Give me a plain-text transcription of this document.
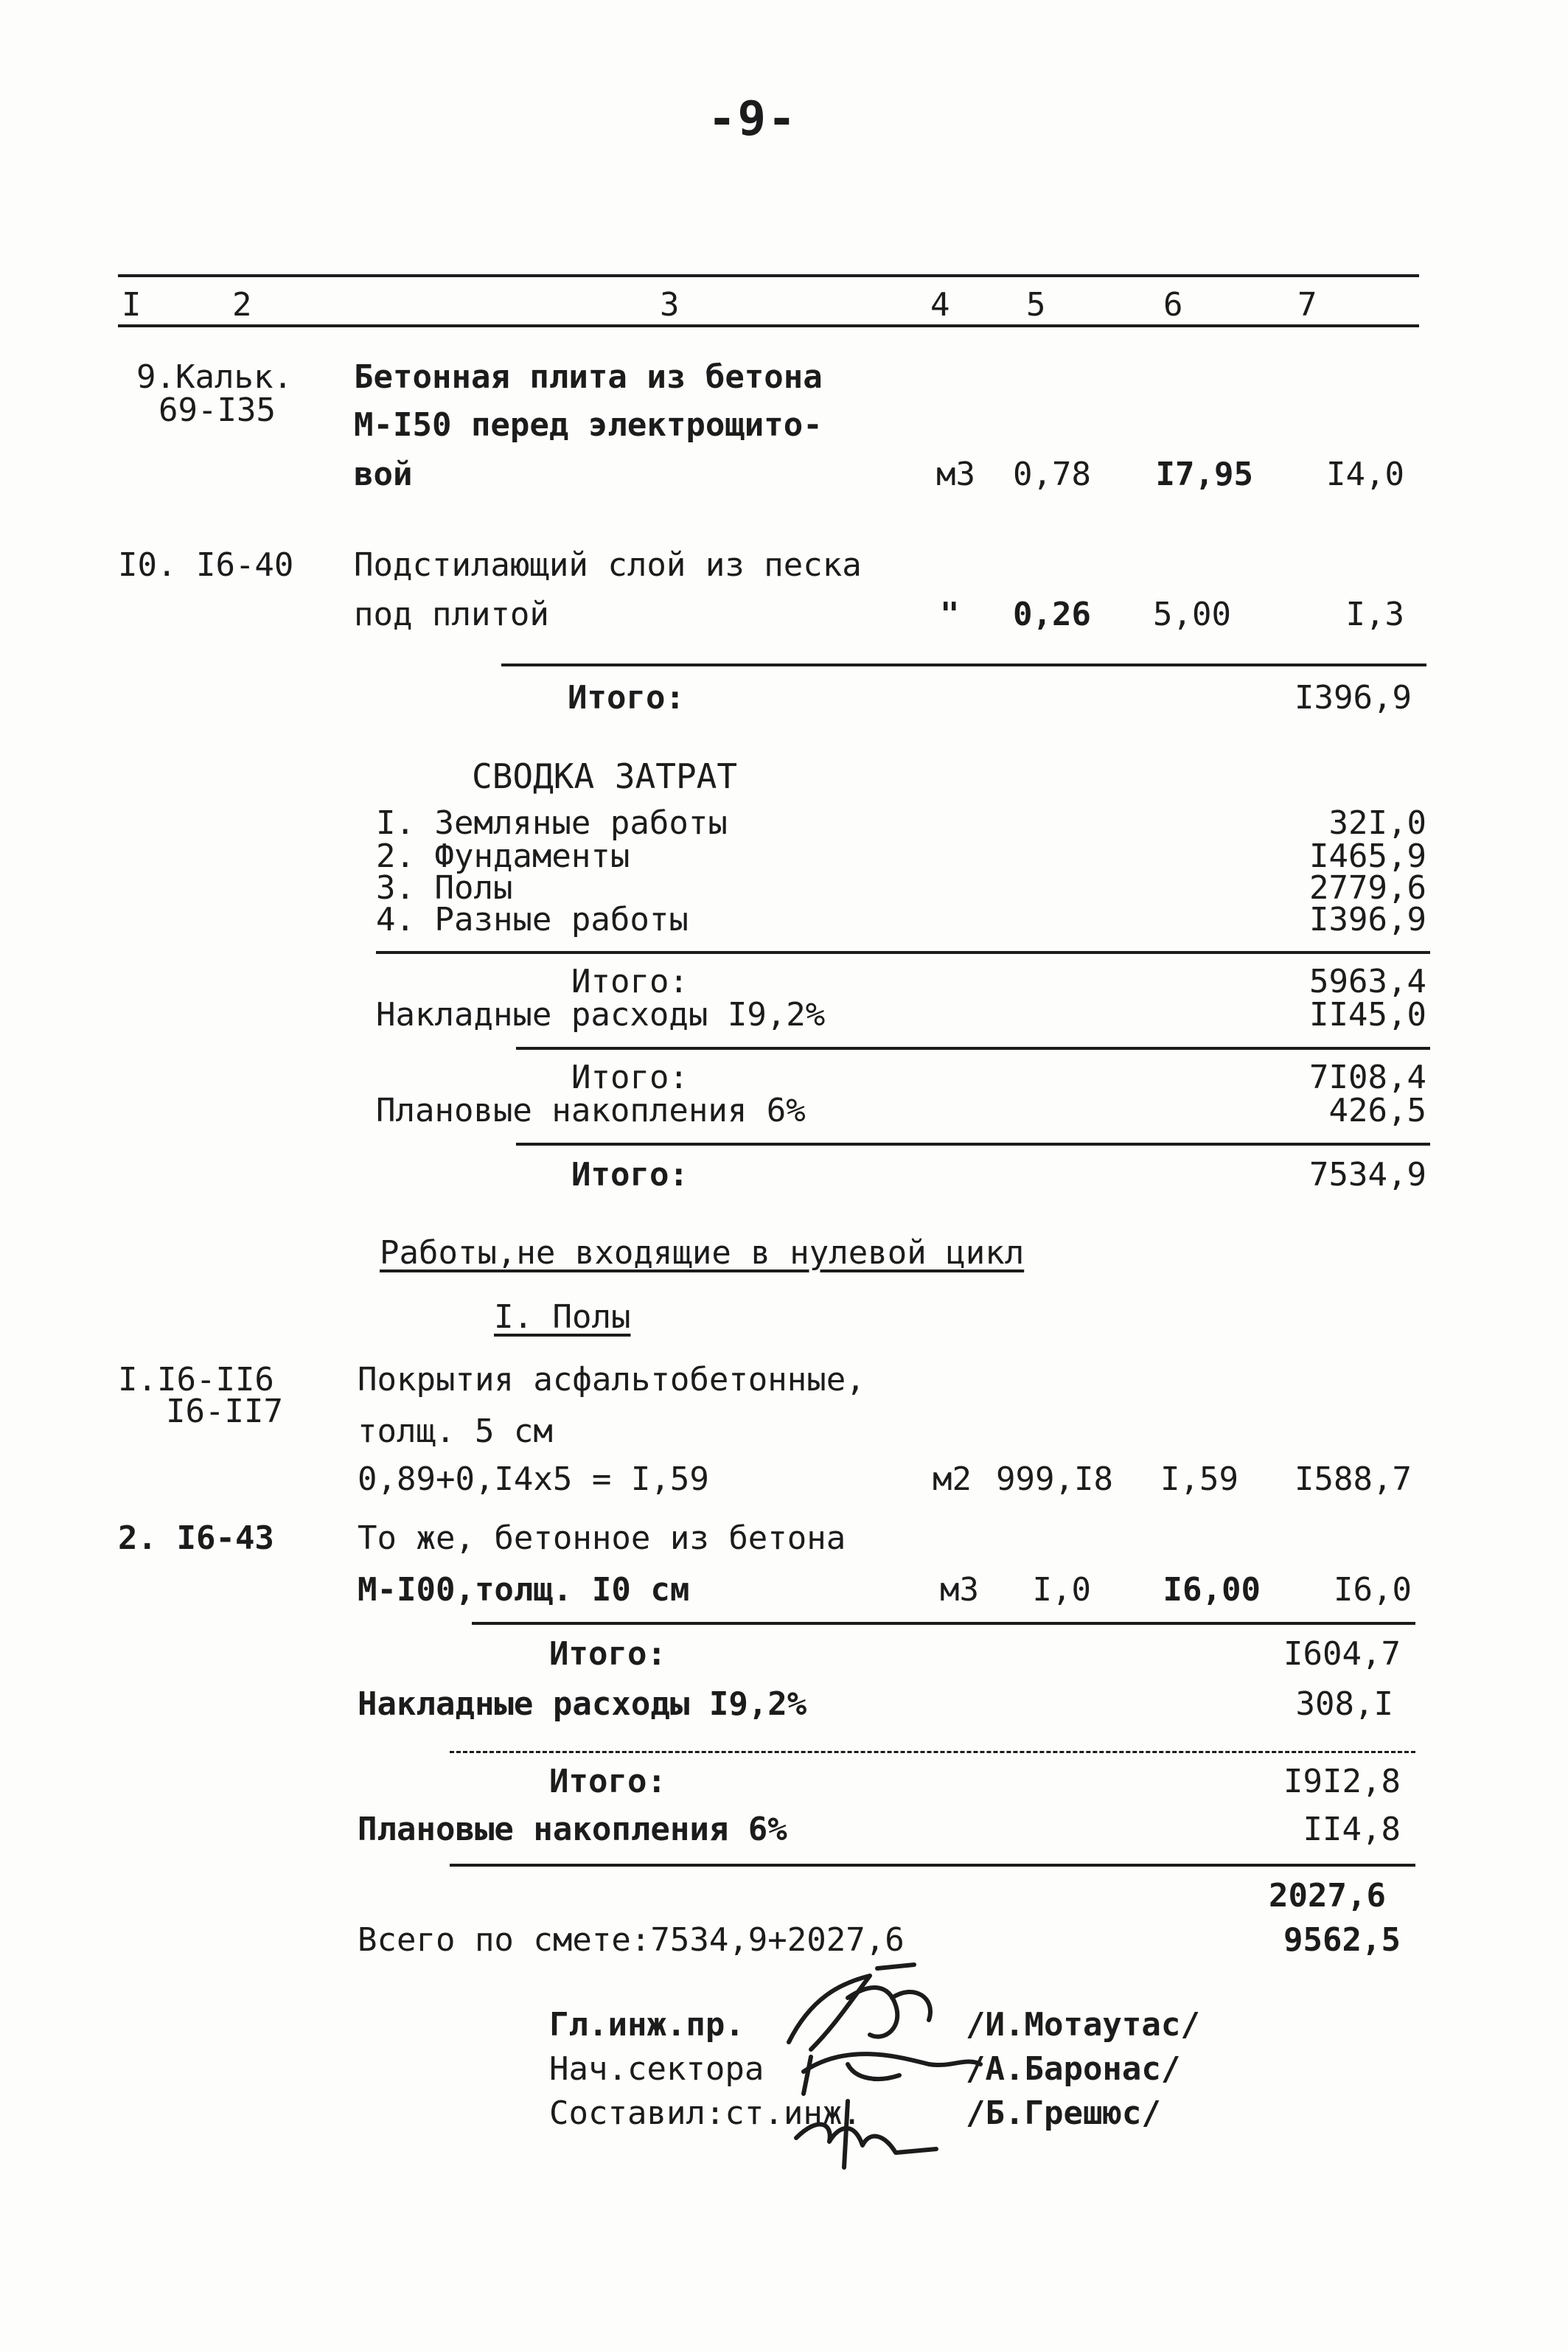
-9-
I	2	3	4 5	6	7
9.Кальк.
69-I35
Бетонная плита из бетона
М-I50 перед электрощито-
вой	м3	0,78	I7,95	I4,0
I0. I6-40 Подстилающий слой из песка
под плитой	"	0,26	5,00	I,3
Итого:	I396,9
СВОДКА ЗАТРАТ
I. Земляные работы	32I,0
2. Фундаменты	I465,9
3. Полы	2779,6
4. Разные работы	I396,9
Итого:	5963,4
Накладные расходы I9,2%	II45,0
Итого:	7I08,4
Плановые накопления 6%	426,5
Итого:	7534,9
Работы,не входящие в нулевой цикл
I. Полы
I.I6-II6
I6-II7
Покрытия асфальтобетонные,
толщ. 5 см
0,89+0,I4x5 = I,59	м2 999,I8	I,59	I588,7
2. I6-43	То же, бетонное из бетона
М-I00,толщ. I0 см	м3	I,0	I6,00	I6,0
Итого:	I604,7
Накладные расходы I9,2%	308,I
Итого:	I9I2,8
Плановые накопления 6%	II4,8
2027,6
Всего по смете:7534,9+2027,6	9562,5
Гл.инж.пр.	/И.Мотаутас/
Нач.сектора	/А.Баронас/
Составил:ст.инж.	/Б.Грешюс/
